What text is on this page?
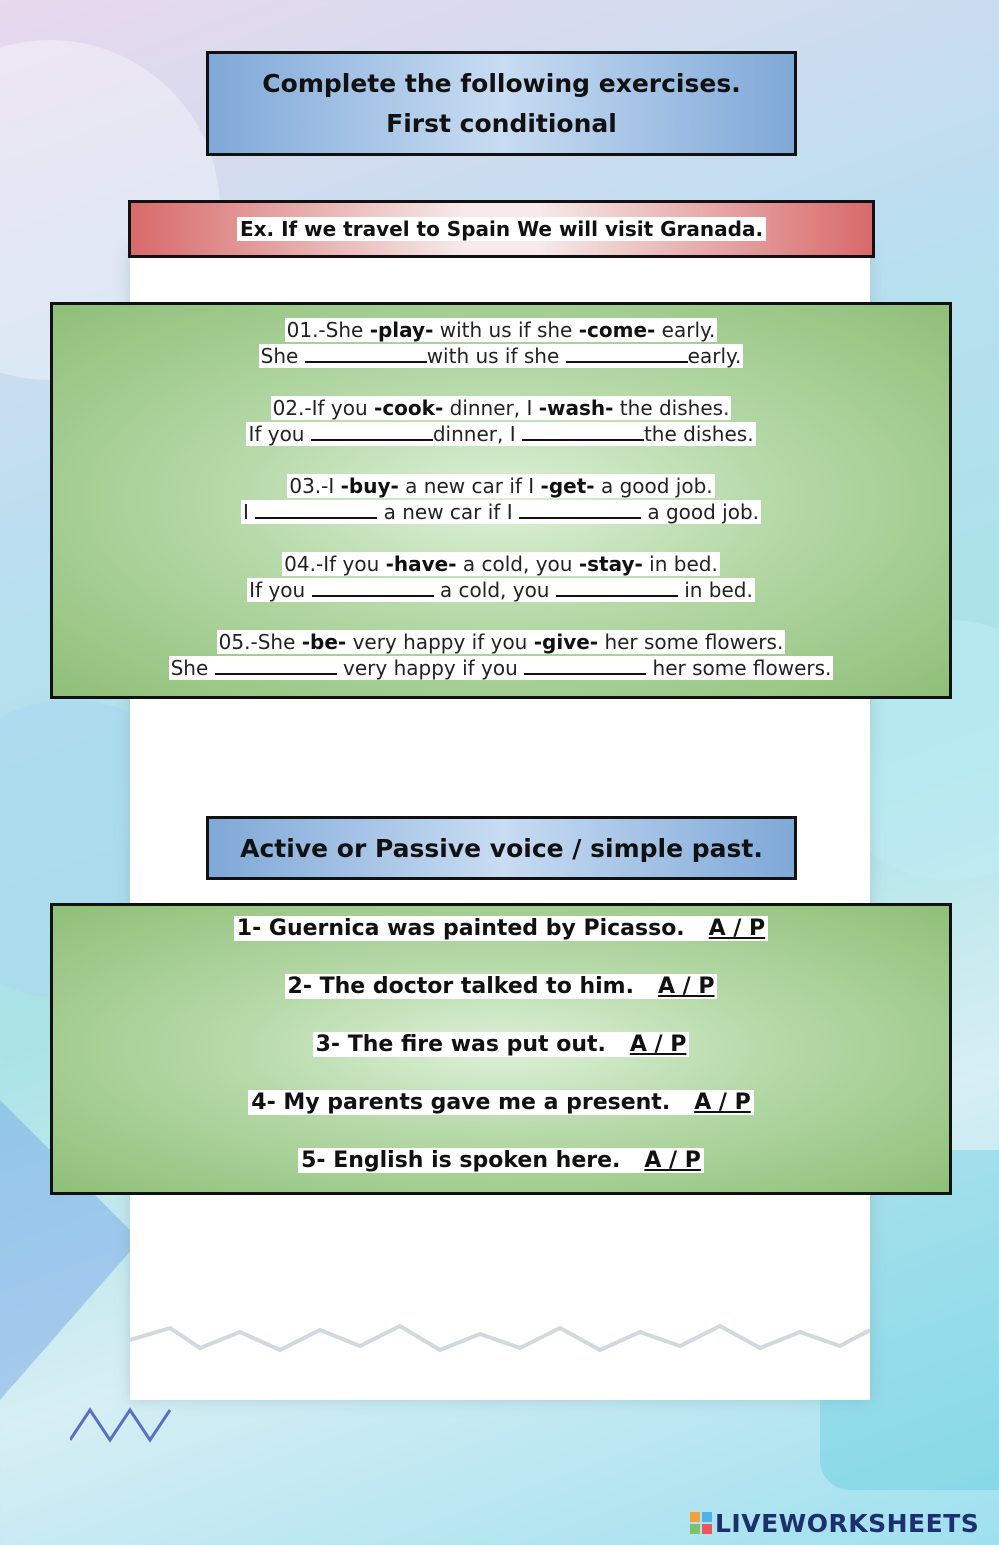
Complete the following exercises.
First conditional
Ex. If we travel to Spain We will visit Granada.
01.-She -play- with us if she -come- early.
She	with us if she	early.
02.-If you -cook- dinner, I -wash- the dishes.
If you	dinner, I	the dishes.
03.-I -buy- a new car if I -get- a good job.
I	a new car if I	a good job.
04.-If you -have- a cold, you -stay- in bed.
If you	a cold, you	in bed.
05.-She -be- very happy if you -give- her some flowers.
She	very happy if you	her some flowers.
Active or Passive voice / simple past.
1- Guernica was painted by Picasso. A / P
2- The doctor talked to him. A / P
3- The fire was put out. A / P
4- My parents gave me a present. A / P
5- English is spoken here. A / P
LIVEWORKSHEETS
